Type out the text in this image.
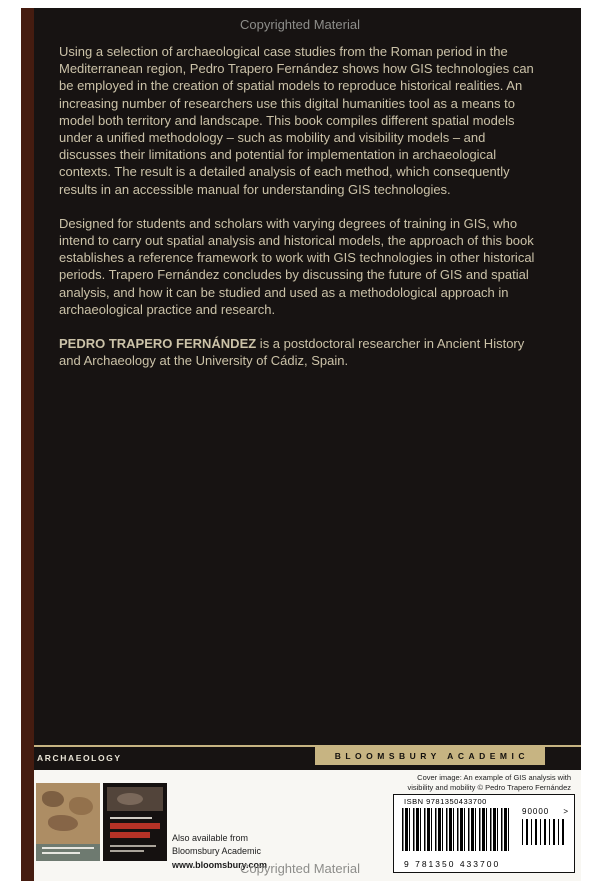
Copyrighted Material

Using a selection of archaeological case studies from the Roman period in the Mediterranean region, Pedro Trapero Fernández shows how GIS technologies can be employed in the creation of spatial models to reproduce historical realities. An increasing number of researchers use this digital humanities tool as a means to model both territory and landscape. This book compiles different spatial models under a unified methodology – such as mobility and visibility models – and discusses their limitations and potential for implementation in archaeological contexts. The result is a detailed analysis of each method, which consequently results in an accessible manual for understanding GIS technologies.

Designed for students and scholars with varying degrees of training in GIS, who intend to carry out spatial analysis and historical models, the approach of this book establishes a reference framework to work with GIS technologies in other historical periods. Trapero Fernández concludes by discussing the future of GIS and spatial analysis, and how it can be studied and used as a methodological approach in archaeological practice and research.

PEDRO TRAPERO FERNÁNDEZ is a postdoctoral researcher in Ancient History and Archaeology at the University of Cádiz, Spain.

ARCHAEOLOGY	BLOOMSBURY ACADEMIC
Also available from
Bloomsbury Academic
www.bloomsbury.com
Cover image: An example of GIS analysis with
visibility and mobility © Pedro Trapero Fernández
ISBN 9781350433700
90000 >
9 781350 433700
Copyrighted Material
